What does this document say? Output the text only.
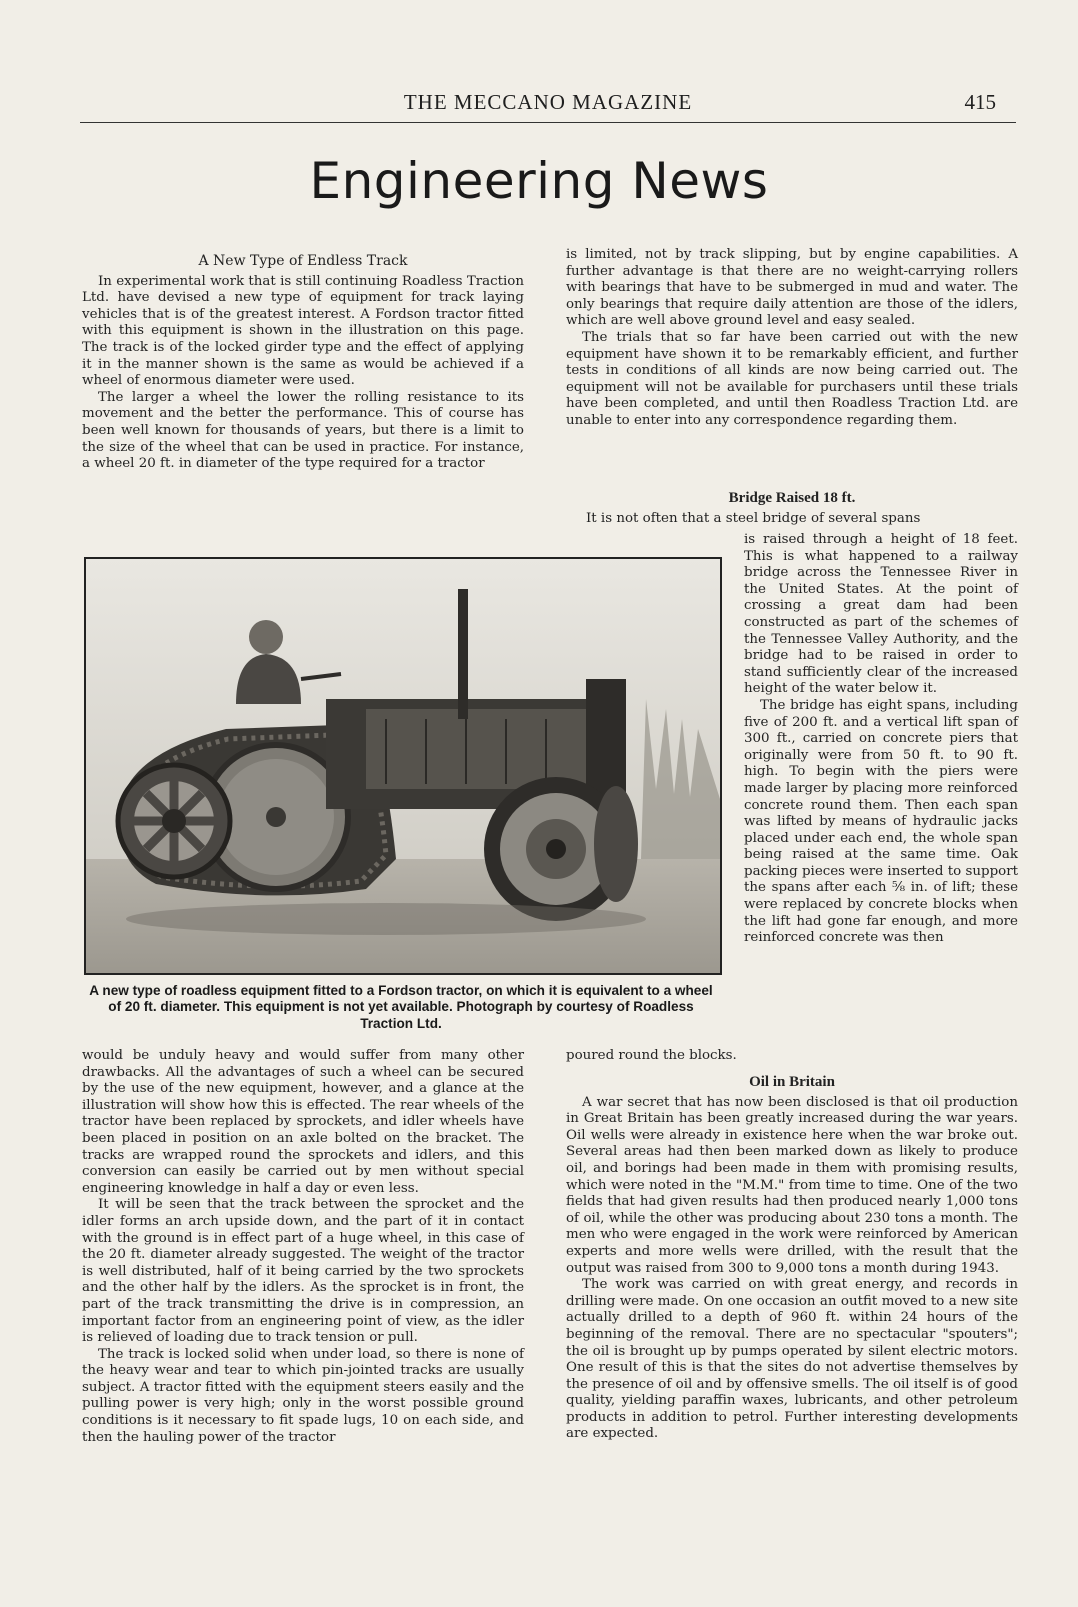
THE MECCANO MAGAZINE	415
Engineering News
A New Type of Endless Track

In experimental work that is still continuing Roadless Traction Ltd. have devised a new type of equipment for track laying vehicles that is of the greatest interest. A Fordson tractor fitted with this equipment is shown in the illustration on this page. The track is of the locked girder type and the effect of applying it in the manner shown is the same as would be achieved if a wheel of enormous diameter were used.

The larger a wheel the lower the rolling resistance to its movement and the better the performance. This of course has been well known for thousands of years, but there is a limit to the size of the wheel that can be used in practice. For instance, a wheel 20 ft. in diameter of the type required for a tractor

is limited, not by track slipping, but by engine capabilities. A further advantage is that there are no weight-carrying rollers with bearings that have to be submerged in mud and water. The only bearings that require daily attention are those of the idlers, which are well above ground level and easy sealed.

The trials that so far have been carried out with the new equipment have shown it to be remarkably efficient, and further tests in conditions of all kinds are now being carried out. The equipment will not be available for purchasers until these trials have been completed, and until then Roadless Traction Ltd. are unable to enter into any correspondence regarding them.

Bridge Raised 18 ft.

It is not often that a steel bridge of several spans

is raised through a height of 18 feet. This is what happened to a railway bridge across the Tennessee River in the United States. At the point of crossing a great dam had been constructed as part of the schemes of the Tennessee Valley Authority, and the bridge had to be raised in order to stand sufficiently clear of the increased height of the water below it.

The bridge has eight spans, including five of 200 ft. and a vertical lift span of 300 ft., carried on concrete piers that originally were from 50 ft. to 90 ft. high. To begin with the piers were made larger by placing more reinforced concrete round them. Then each span was lifted by means of hydraulic jacks placed under each end, the whole span being raised at the same time. Oak packing pieces were inserted to support the spans after each ⅝ in. of lift; these were replaced by concrete blocks when the lift had gone far enough, and more reinforced concrete was then

A new type of roadless equipment fitted to a Fordson tractor, on which it is equivalent to a wheel of 20 ft. diameter. This equipment is not yet available. Photograph by courtesy of Roadless Traction Ltd.

poured round the blocks.

would be unduly heavy and would suffer from many other drawbacks. All the advantages of such a wheel can be secured by the use of the new equipment, however, and a glance at the illustration will show how this is effected. The rear wheels of the tractor have been replaced by sprockets, and idler wheels have been placed in position on an axle bolted on the bracket. The tracks are wrapped round the sprockets and idlers, and this conversion can easily be carried out by men without special engineering knowledge in half a day or even less.

It will be seen that the track between the sprocket and the idler forms an arch upside down, and the part of it in contact with the ground is in effect part of a huge wheel, in this case of the 20 ft. diameter already suggested. The weight of the tractor is well distributed, half of it being carried by the two sprockets and the other half by the idlers. As the sprocket is in front, the part of the track transmitting the drive is in compression, an important factor from an engineering point of view, as the idler is relieved of loading due to track tension or pull.

The track is locked solid when under load, so there is none of the heavy wear and tear to which pin-jointed tracks are usually subject. A tractor fitted with the equipment steers easily and the pulling power is very high; only in the worst possible ground conditions is it necessary to fit spade lugs, 10 on each side, and then the hauling power of the tractor

Oil in Britain

A war secret that has now been disclosed is that oil production in Great Britain has been greatly increased during the war years. Oil wells were already in existence here when the war broke out. Several areas had then been marked down as likely to produce oil, and borings had been made in them with promising results, which were noted in the "M.M." from time to time. One of the two fields that had given results had then produced nearly 1,000 tons of oil, while the other was producing about 230 tons a month. The men who were engaged in the work were reinforced by American experts and more wells were drilled, with the result that the output was raised from 300 to 9,000 tons a month during 1943.

The work was carried on with great energy, and records in drilling were made. On one occasion an outfit moved to a new site actually drilled to a depth of 960 ft. within 24 hours of the beginning of the removal. There are no spectacular "spouters"; the oil is brought up by pumps operated by silent electric motors. One result of this is that the sites do not advertise themselves by the presence of oil and by offensive smells. The oil itself is of good quality, yielding paraffin waxes, lubricants, and other petroleum products in addition to petrol. Further interesting developments are expected.
